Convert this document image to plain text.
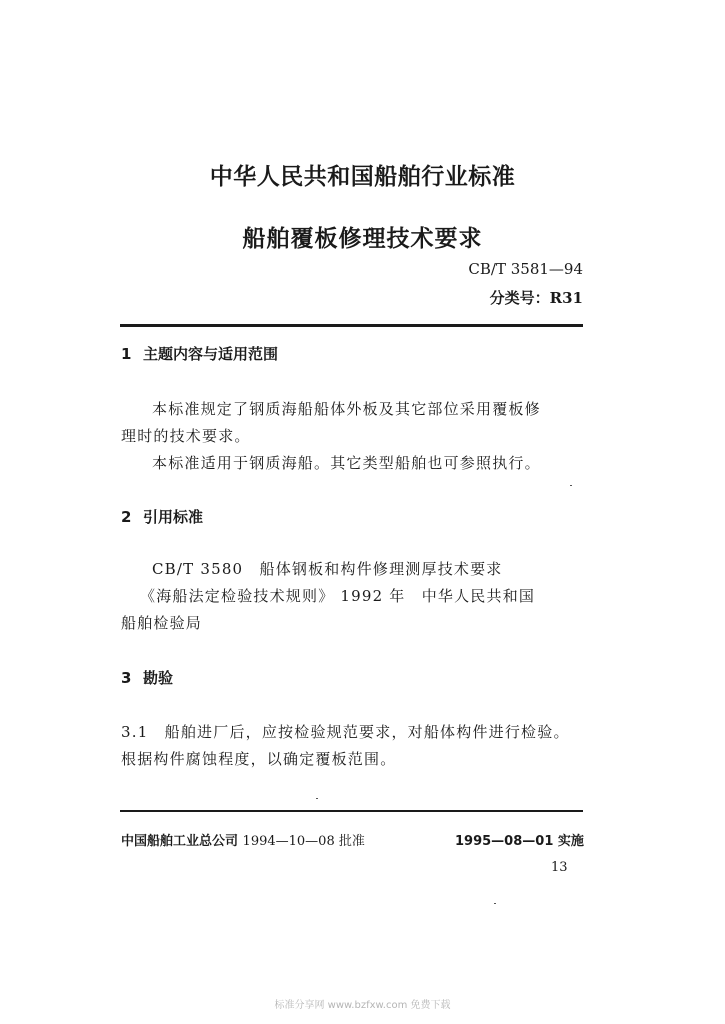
中华人民共和国船舶行业标准
船舶覆板修理技术要求
CB/T 3581—94
分类号：R31
1 主题内容与适用范围
本标准规定了钢质海船船体外板及其它部位采用覆板修
理时的技术要求。
本标准适用于钢质海船。其它类型船舶也可参照执行。
2 引用标准
CB/T 3580　船体钢板和构件修理测厚技术要求
《海船法定检验技术规则》 1992 年　中华人民共和国
船舶检验局
3 勘验
3.1　船舶进厂后，应按检验规范要求，对船体构件进行检验。
根据构件腐蚀程度，以确定覆板范围。
中国船舶工业总公司 1994—10—08 批准	1995—08—01 实施
13
标准分享网 www.bzfxw.com 免费下载
